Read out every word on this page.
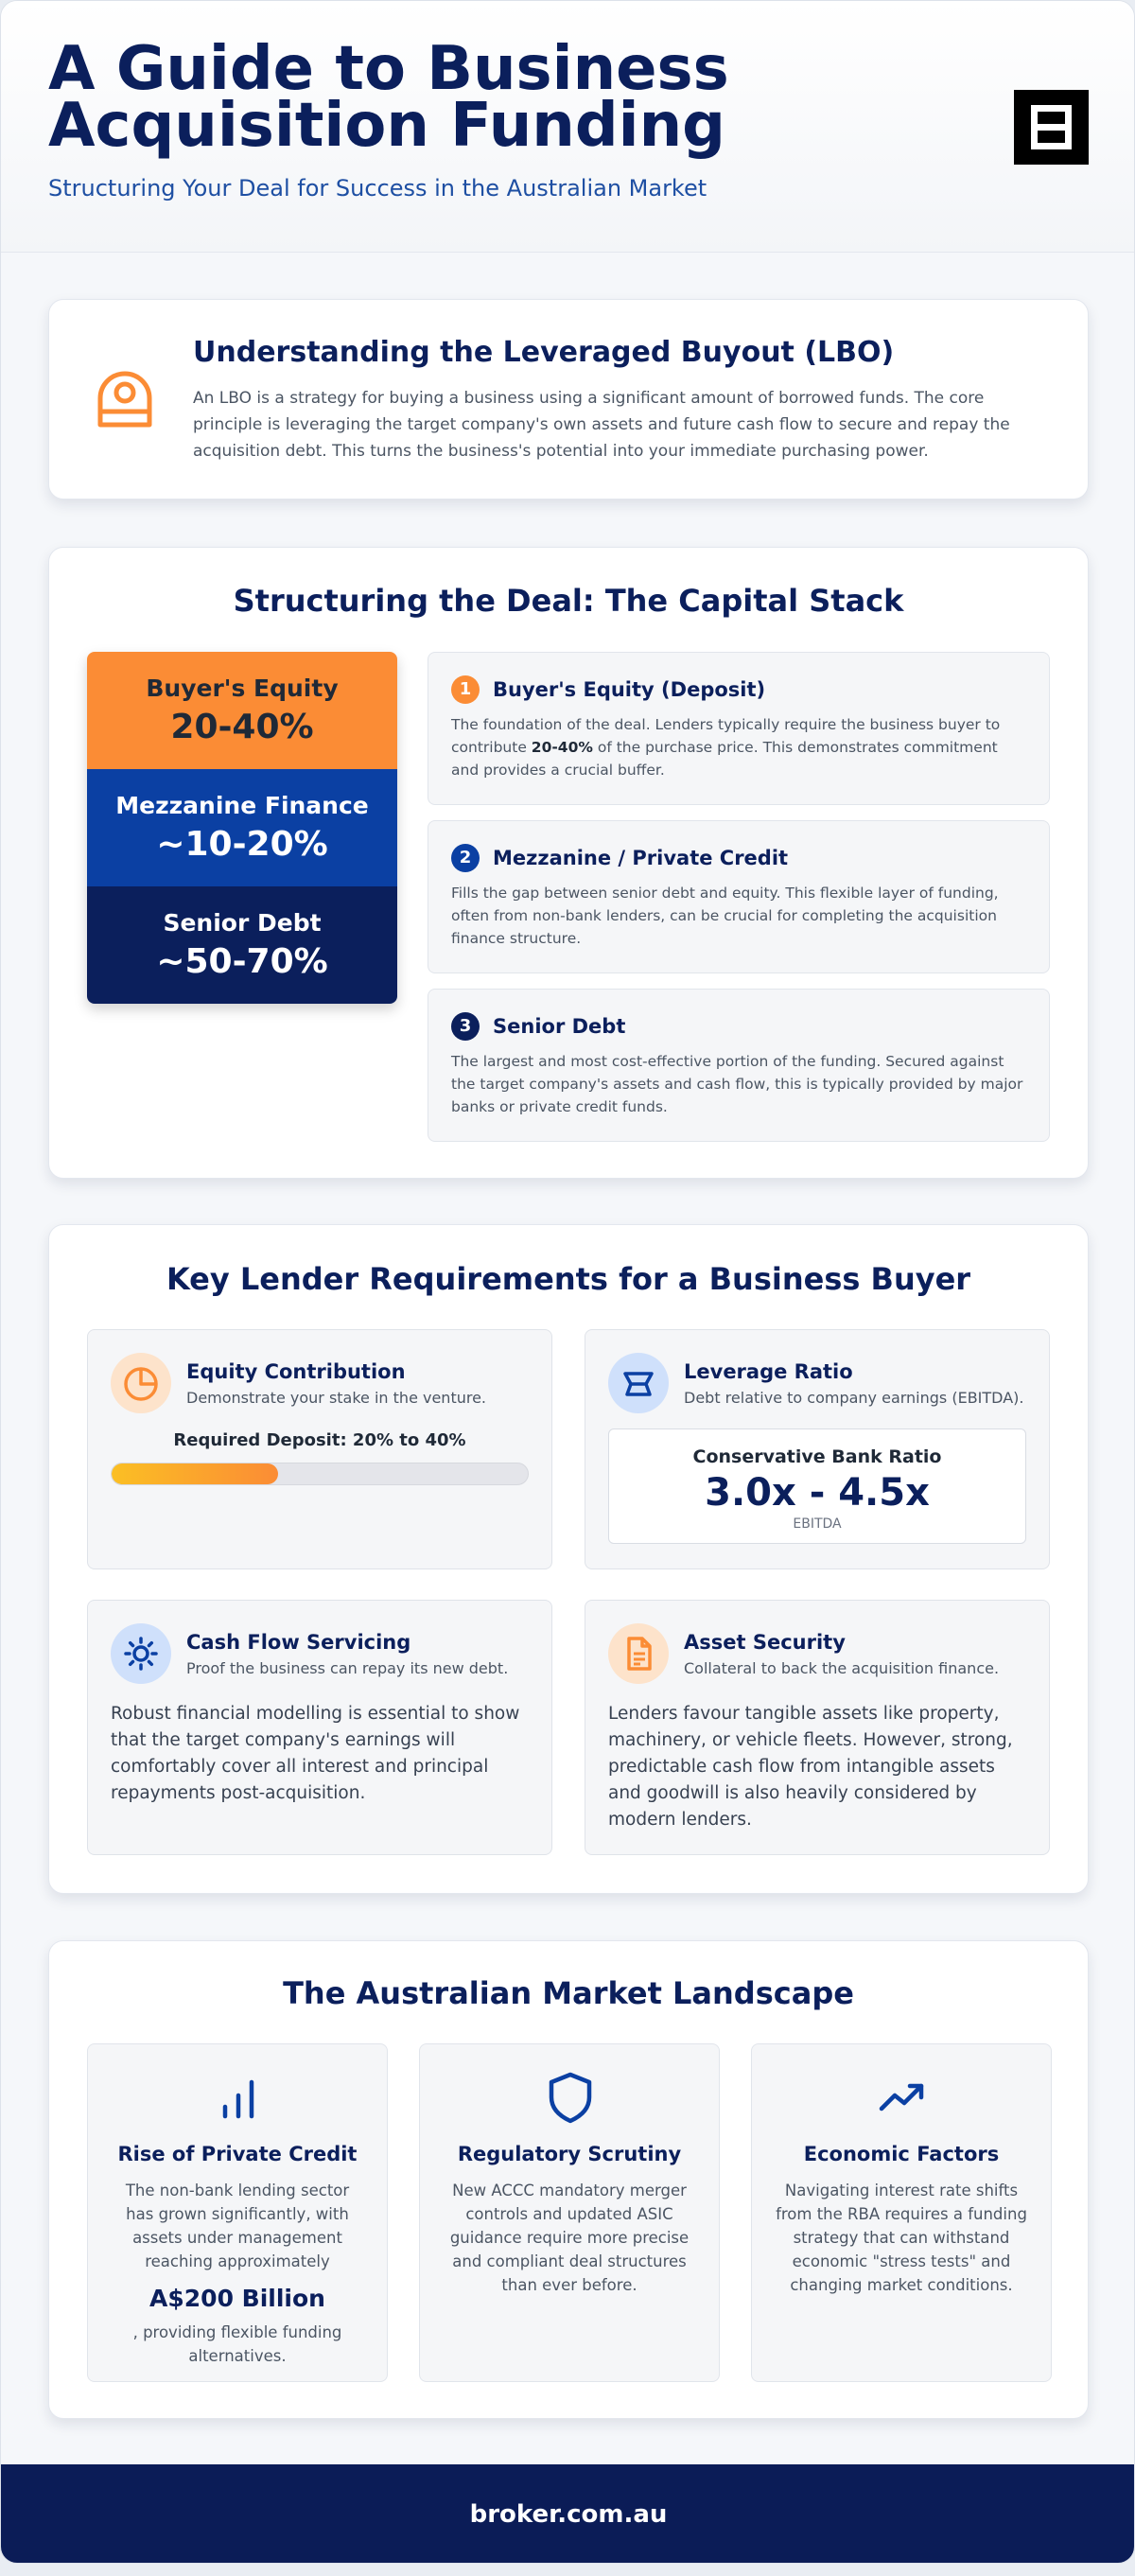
A Guide to Business
Acquisition Funding
Structuring Your Deal for Success in the Australian Market
Understanding the Leveraged Buyout (LBO)
An LBO is a strategy for buying a business using a significant amount of borrowed funds. The core principle is leveraging the target company's own assets and future cash flow to secure and repay the acquisition debt. This turns the business's potential into your immediate purchasing power.
Structuring the Deal: The Capital Stack
Buyer's Equity
20-40%
Mezzanine Finance
~10-20%
Senior Debt
~50-70%
1	Buyer's Equity (Deposit)
The foundation of the deal. Lenders typically require the business buyer to contribute 20-40% of the purchase price. This demonstrates commitment and provides a crucial buffer.
2	Mezzanine / Private Credit
Fills the gap between senior debt and equity. This flexible layer of funding, often from non-bank lenders, can be crucial for completing the acquisition finance structure.
3	Senior Debt
The largest and most cost-effective portion of the funding. Secured against the target company's assets and cash flow, this is typically provided by major banks or private credit funds.
Key Lender Requirements for a Business Buyer
Equity Contribution
Demonstrate your stake in the venture.
Required Deposit: 20% to 40%
Leverage Ratio
Debt relative to company earnings (EBITDA).
Conservative Bank Ratio
3.0x - 4.5x
EBITDA
Cash Flow Servicing
Proof the business can repay its new debt.
Robust financial modelling is essential to show that the target company's earnings will comfortably cover all interest and principal repayments post-acquisition.
Asset Security
Collateral to back the acquisition finance.
Lenders favour tangible assets like property, machinery, or vehicle fleets. However, strong, predictable cash flow from intangible assets and goodwill is also heavily considered by modern lenders.
The Australian Market Landscape
Rise of Private Credit
The non-bank lending sector has grown significantly, with assets under management reaching approximately
A$200 Billion
, providing flexible funding alternatives.
Regulatory Scrutiny
New ACCC mandatory merger controls and updated ASIC guidance require more precise and compliant deal structures than ever before.
Economic Factors
Navigating interest rate shifts from the RBA requires a funding strategy that can withstand economic "stress tests" and changing market conditions.
broker.com.au
